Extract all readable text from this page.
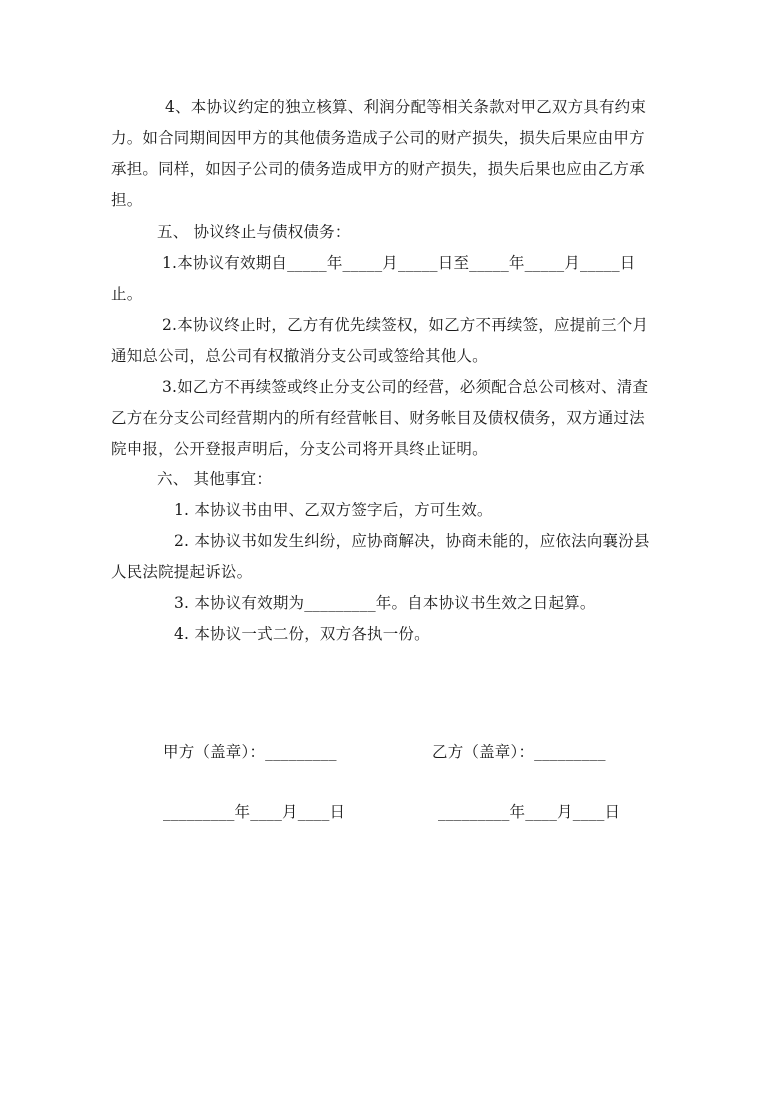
4、本协议约定的独立核算、利润分配等相关条款对甲乙双方具有约束
力。如合同期间因甲方的其他债务造成子公司的财产损失，损失后果应由甲方
承担。同样，如因子公司的债务造成甲方的财产损失，损失后果也应由乙方承
担。
五、 协议终止与债权债务：
1.本协议有效期自_____年_____月_____日至_____年_____月_____日
止。
2.本协议终止时，乙方有优先续签权，如乙方不再续签，应提前三个月
通知总公司，总公司有权撤消分支公司或签给其他人。
3.如乙方不再续签或终止分支公司的经营，必须配合总公司核对、清查
乙方在分支公司经营期内的所有经营帐目、财务帐目及债权债务，双方通过法
院申报，公开登报声明后，分支公司将开具终止证明。
六、 其他事宜：
1. 本协议书由甲、乙双方签字后，方可生效。
2. 本协议书如发生纠纷，应协商解决，协商未能的，应依法向襄汾县
人民法院提起诉讼。
3. 本协议有效期为_________年。自本协议书生效之日起算。
4. 本协议一式二份，双方各执一份。
甲方（盖章）：_________	乙方（盖章）：_________
_________年____月____日	_________年____月____日
